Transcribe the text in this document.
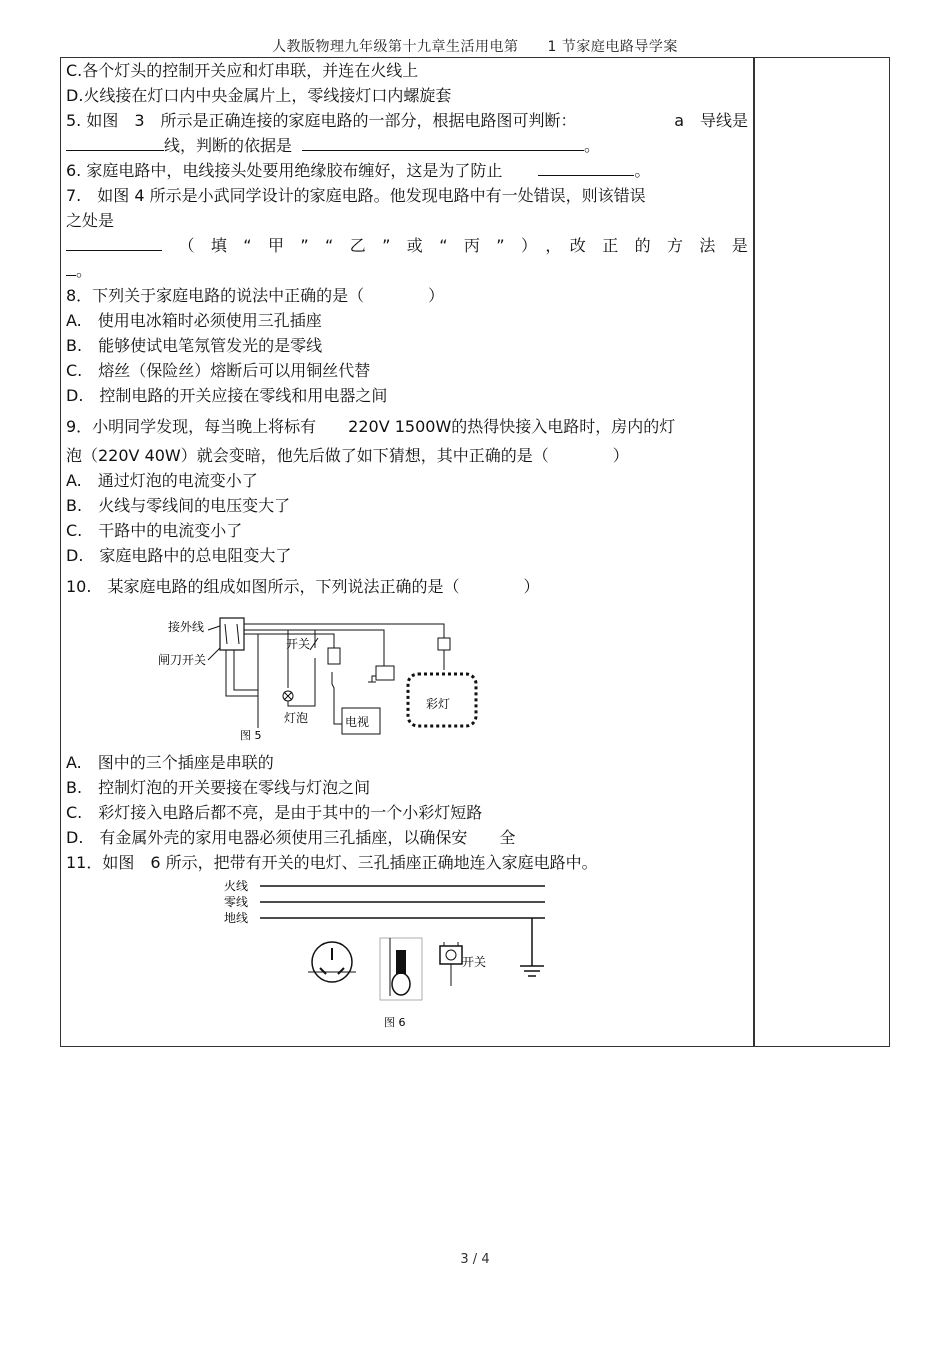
人教版物理九年级第十九章生活用电第　　1 节家庭电路导学案
C.各个灯头的控制开关应和灯串联，并连在火线上
D.火线接在灯口内中央金属片上，零线接灯口内螺旋套
5. 如图　3　所示是正确连接的家庭电路的一部分，根据电路图可判断：	a　导线是
线，判断的依据是	。
6. 家庭电路中，电线接头处要用绝缘胶布缠好，这是为了防止	。
7.　如图 4 所示是小武同学设计的家庭电路。他发现电路中有一处错误，则该错误
之处是
（　填　“　甲　”　“　乙　”　或　“　丙　”　）　，　改　正　的　方　法　是
。
8．下列关于家庭电路的说法中正确的是（　　　　）
A.　使用电冰箱时必须使用三孔插座
B.　能够使试电笔氖管发光的是零线
C.　熔丝（保险丝）熔断后可以用铜丝代替
D.　控制电路的开关应接在零线和用电器之间
9．小明同学发现，每当晚上将标有　　220V 1500W的热得快接入电路时，房内的灯
泡（220V 40W）就会变暗，他先后做了如下猜想，其中正确的是（　　　　）
A.　通过灯泡的电流变小了
B.　火线与零线间的电压变大了
C.　干路中的电流变小了
D.　家庭电路中的总电阻变大了
10.　某家庭电路的组成如图所示，下列说法正确的是（　　　　）
接外线
闸刀开关
开关
灯泡	电视
彩灯
图 5
A.　图中的三个插座是串联的
B.　控制灯泡的开关要接在零线与灯泡之间
C.　彩灯接入电路后都不亮，是由于其中的一个小彩灯短路
D.　有金属外壳的家用电器必须使用三孔插座，以确保安　　全
11．如图　6 所示，把带有开关的电灯、三孔插座正确地连入家庭电路中。
火线
零线
地线
开关
图 6
3 / 4
